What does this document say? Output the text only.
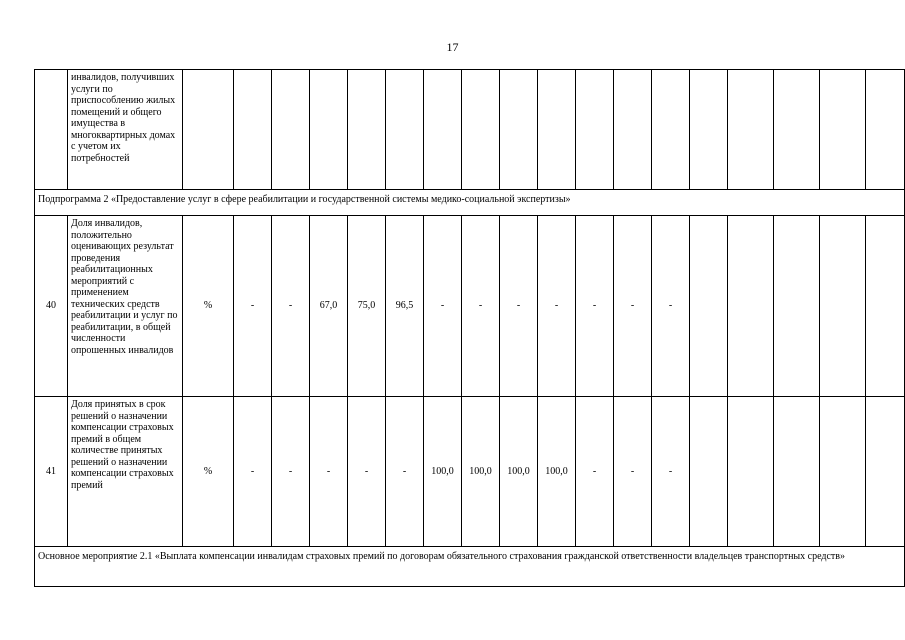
17
	инвалидов, получивших услуги по приспособлению жилых помещений и общего имущества в многоквартирных домах с учетом их потребностей																		
Подпрограмма 2 «Предоставление услуг в сфере реабилитации и государственной системы медико-социальной экспертизы»																			
40	Доля инвалидов, положительно оценивающих результат проведения реабилитационных мероприятий с применением технических средств реабилитации и услуг по реабилитации, в общей численности опрошенных инвалидов	%	-	-	67,0	75,0	96,5	-	-	-	-	-	-	-					
41	Доля принятых в срок решений о назначении компенсации страховых премий в общем количестве принятых решений о назначении компенсации страховых премий	%	-	-	-	-	-	100,0	100,0	100,0	100,0	-	-	-					
Основное мероприятие 2.1 «Выплата компенсации инвалидам страховых премий по договорам обязательного страхования гражданской ответственности владельцев транспортных средств»																			
